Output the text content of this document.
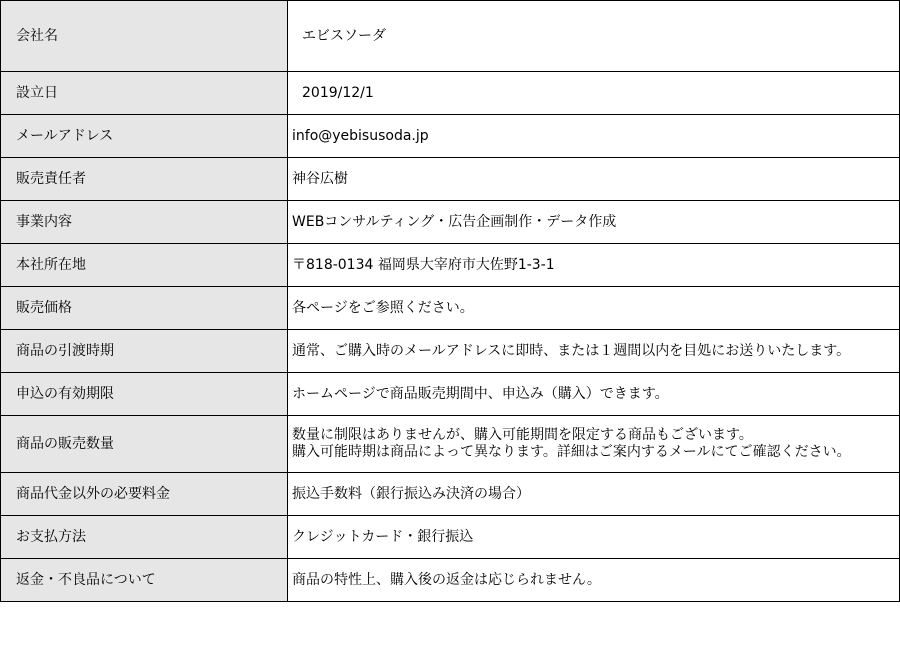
会社名	エビスソーダ

設立日	2019/12/1

メールアドレス	info@yebisusoda.jp

販売責任者	神谷広樹

事業内容	WEBコンサルティング・広告企画制作・データ作成

本社所在地	〒818-0134 福岡県大宰府市大佐野1-3-1

販売価格	各ページをご参照ください。

商品の引渡時期	通常、ご購入時のメールアドレスに即時、または１週間以内を目処にお送りいたします。

申込の有効期限	ホームページで商品販売期間中、申込み（購入）できます。

商品の販売数量	数量に制限はありませんが、購入可能期間を限定する商品もございます。
購入可能時期は商品によって異なります。詳細はご案内するメールにてご確認ください。

商品代金以外の必要料金	振込手数料（銀行振込み決済の場合）

お支払方法	クレジットカード・銀行振込

返金・不良品について	商品の特性上、購入後の返金は応じられません。
